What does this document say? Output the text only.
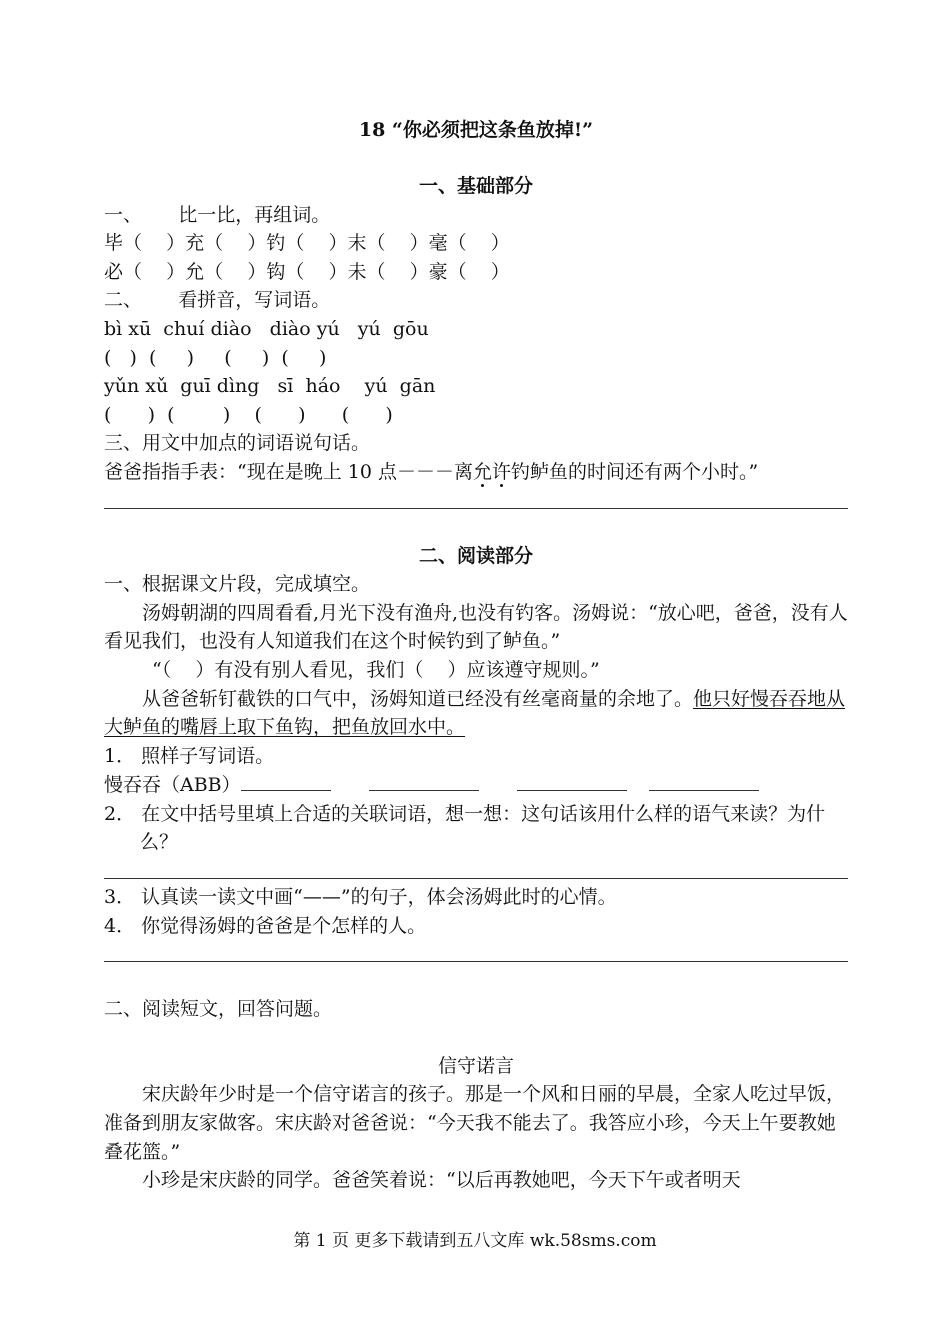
18 “你必须把这条鱼放掉!”
一、基础部分
一、      比一比，再组词。
毕（    ）充（    ）钓（    ）末（    ）毫（    ）
必（    ）允（    ）钩（    ）未（    ）豪（    ）
二、      看拼音，写词语。
bì xū  chuí diào   diào yú   yú  gōu
(   )  (     )     (     )  (     )
yǔn xǔ  guī dìng   sī  háo    yú  gān
(      )  (        )    (      )      (      )
三、用文中加点的词语说句话。
爸爸指指手表：“现在是晚上 10 点－－－离允许钓鲈鱼的时间还有两个小时。”
二、阅读部分
一、根据课文片段，完成填空。
汤姆朝湖的四周看看,月光下没有渔舟,也没有钓客。汤姆说：“放心吧，爸爸，没有人看见我们，也没有人知道我们在这个时候钓到了鲈鱼。”
“（    ）有没有别人看见，我们（    ）应该遵守规则。”
从爸爸斩钉截铁的口气中，汤姆知道已经没有丝毫商量的余地了。他只好慢吞吞地从大鲈鱼的嘴唇上取下鱼钩，把鱼放回水中。
1． 照样子写词语。
慢吞吞（ABB）
2． 在文中括号里填上合适的关联词语，想一想：这句话该用什么样的语气来读？为什么？
3． 认真读一读文中画“——”的句子，体会汤姆此时的心情。
4． 你觉得汤姆的爸爸是个怎样的人。
二、阅读短文，回答问题。
信守诺言
宋庆龄年少时是一个信守诺言的孩子。那是一个风和日丽的早晨，全家人吃过早饭，准备到朋友家做客。宋庆龄对爸爸说：“今天我不能去了。我答应小珍，今天上午要教她叠花篮。”
小珍是宋庆龄的同学。爸爸笑着说：“以后再教她吧，今天下午或者明天
第 1 页 更多下载请到五八文库 wk.58sms.com
